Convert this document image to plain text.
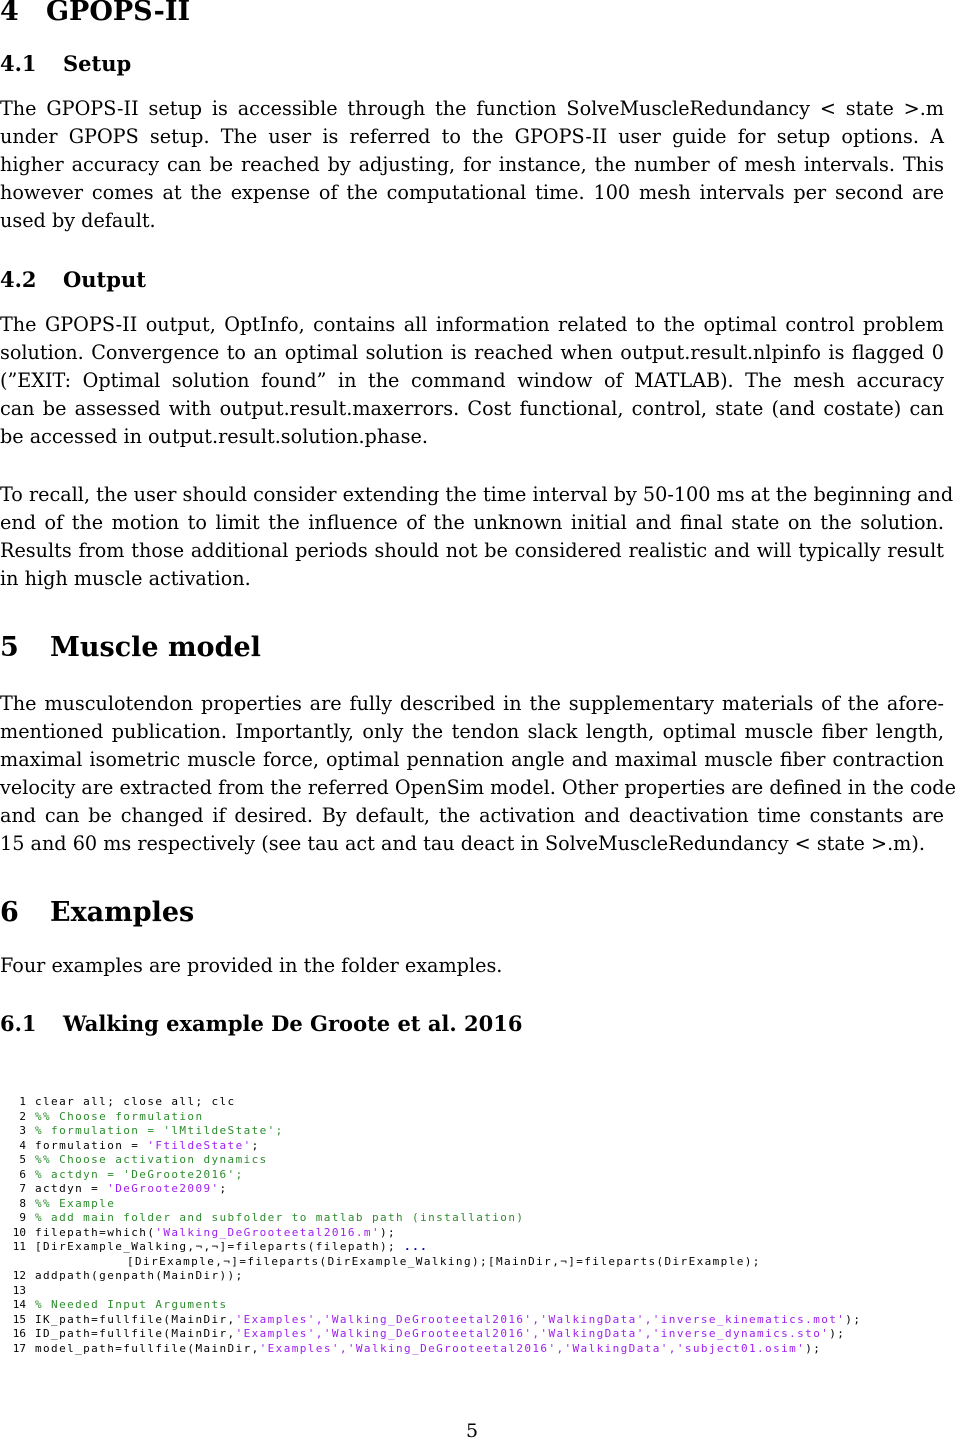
4 GPOPS-II
4.1 Setup
The GPOPS-II setup is accessible through the function SolveMuscleRedundancy < state >.m
under GPOPS setup. The user is referred to the GPOPS-II user guide for setup options. A
higher accuracy can be reached by adjusting, for instance, the number of mesh intervals. This
however comes at the expense of the computational time. 100 mesh intervals per second are
used by default.
4.2 Output
The GPOPS-II output, OptInfo, contains all information related to the optimal control problem
solution. Convergence to an optimal solution is reached when output.result.nlpinfo is flagged 0
(”EXIT: Optimal solution found” in the command window of MATLAB). The mesh accuracy
can be assessed with output.result.maxerrors. Cost functional, control, state (and costate) can
be accessed in output.result.solution.phase.
To recall, the user should consider extending the time interval by 50-100 ms at the beginning and
end of the motion to limit the influence of the unknown initial and final state on the solution.
Results from those additional periods should not be considered realistic and will typically result
in high muscle activation.
5 Muscle model
The musculotendon properties are fully described in the supplementary materials of the afore-
mentioned publication. Importantly, only the tendon slack length, optimal muscle fiber length,
maximal isometric muscle force, optimal pennation angle and maximal muscle fiber contraction
velocity are extracted from the referred OpenSim model. Other properties are defined in the code
and can be changed if desired. By default, the activation and deactivation time constants are
15 and 60 ms respectively (see tau act and tau deact in SolveMuscleRedundancy < state >.m).
6 Examples
Four examples are provided in the folder examples.
6.1 Walking example De Groote et al. 2016
1 clear all; close all; clc
2 %% Choose formulation
3 % formulation = 'lMtildeState';
4 formulation = 'FtildeState';
5 %% Choose activation dynamics
6 % actdyn = 'DeGroote2016';
7 actdyn = 'DeGroote2009';
8 %% Example
9 % add main folder and subfolder to matlab path (installation)
10 filepath=which('Walking_DeGrooteetal2016.m');
11 [DirExample_Walking,¬,¬]=fileparts(filepath); ...
[DirExample,¬]=fileparts(DirExample_Walking);[MainDir,¬]=fileparts(DirExample);
12 addpath(genpath(MainDir));
13
14 % Needed Input Arguments
15 IK_path=fullfile(MainDir,'Examples','Walking_DeGrooteetal2016','WalkingData','inverse_kinematics.mot');
16 ID_path=fullfile(MainDir,'Examples','Walking_DeGrooteetal2016','WalkingData','inverse_dynamics.sto');
17 model_path=fullfile(MainDir,'Examples','Walking_DeGrooteetal2016','WalkingData','subject01.osim');
5
